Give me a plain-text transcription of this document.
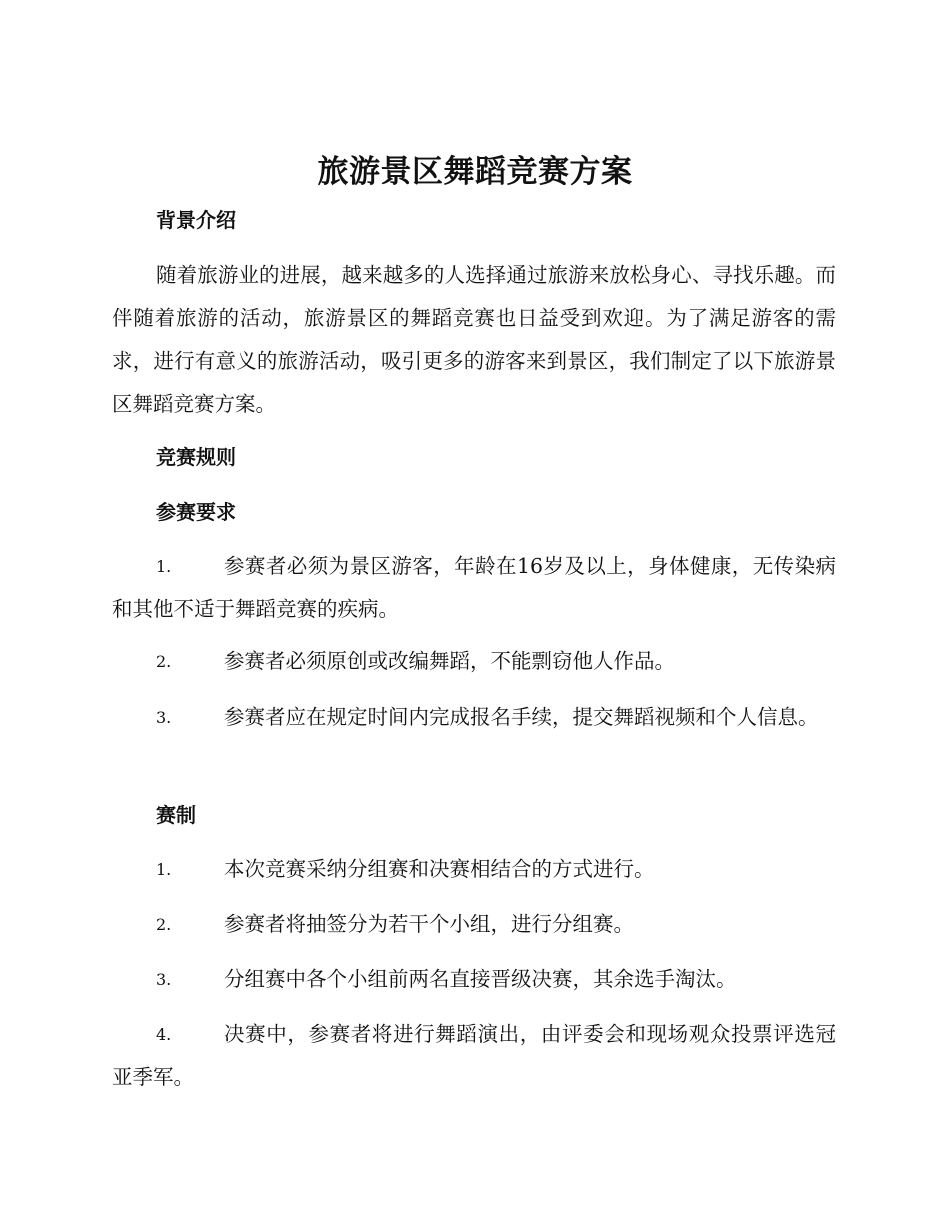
旅游景区舞蹈竞赛方案
背景介绍
随着旅游业的进展，越来越多的人选择通过旅游来放松身心、寻找乐趣。而伴随着旅游的活动，旅游景区的舞蹈竞赛也日益受到欢迎。为了满足游客的需求，进行有意义的旅游活动，吸引更多的游客来到景区，我们制定了以下旅游景区舞蹈竞赛方案。
竞赛规则
参赛要求
1.	参赛者必须为景区游客，年龄在16岁及以上，身体健康，无传染病和其他不适于舞蹈竞赛的疾病。
2.	参赛者必须原创或改编舞蹈，不能剽窃他人作品。
3.	参赛者应在规定时间内完成报名手续，提交舞蹈视频和个人信息。
赛制
1.	本次竞赛采纳分组赛和决赛相结合的方式进行。
2.	参赛者将抽签分为若干个小组，进行分组赛。
3.	分组赛中各个小组前两名直接晋级决赛，其余选手淘汰。
4.	决赛中，参赛者将进行舞蹈演出，由评委会和现场观众投票评选冠亚季军。
